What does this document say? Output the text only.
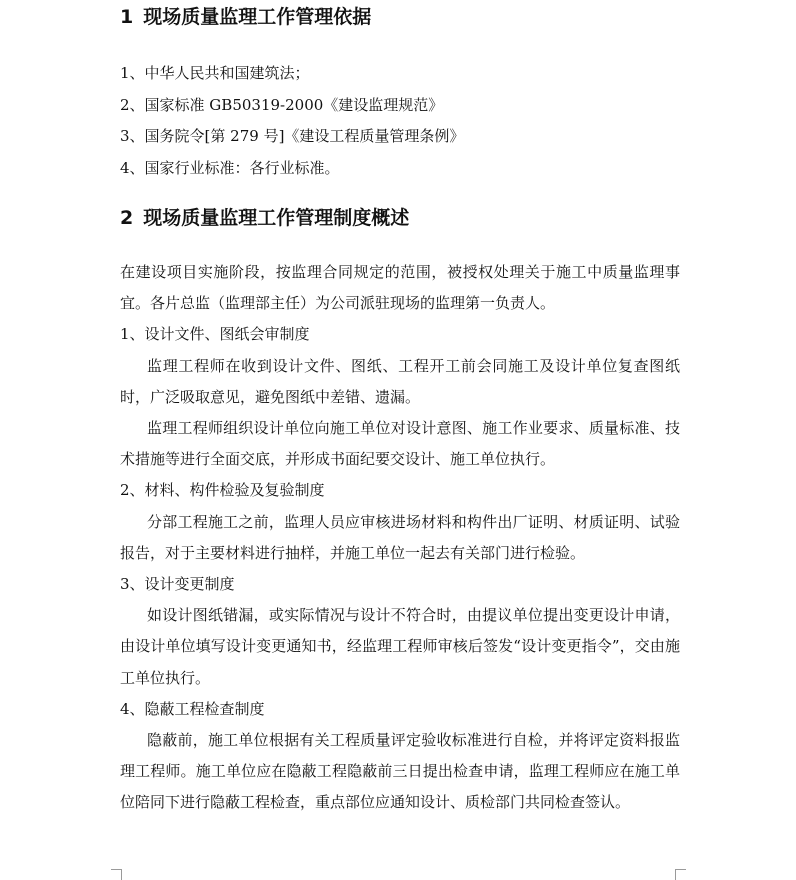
1 现场质量监理工作管理依据
1、中华人民共和国建筑法；
2、国家标准 GB50319-2000《建设监理规范》
3、国务院令[第 279 号]《建设工程质量管理条例》
4、国家行业标准：各行业标准。
2 现场质量监理工作管理制度概述

在建设项目实施阶段，按监理合同规定的范围，被授权处理关于施工中质量监理事宜。各片总监（监理部主任）为公司派驻现场的监理第一负责人。

1、设计文件、图纸会审制度

监理工程师在收到设计文件、图纸、工程开工前会同施工及设计单位复查图纸时，广泛吸取意见，避免图纸中差错、遗漏。

监理工程师组织设计单位向施工单位对设计意图、施工作业要求、质量标准、技术措施等进行全面交底，并形成书面纪要交设计、施工单位执行。

2、材料、构件检验及复验制度

分部工程施工之前，监理人员应审核进场材料和构件出厂证明、材质证明、试验报告，对于主要材料进行抽样，并施工单位一起去有关部门进行检验。

3、设计变更制度

如设计图纸错漏，或实际情况与设计不符合时，由提议单位提出变更设计申请，由设计单位填写设计变更通知书，经监理工程师审核后签发“设计变更指令”，交由施工单位执行。

4、隐蔽工程检查制度

隐蔽前，施工单位根据有关工程质量评定验收标准进行自检，并将评定资料报监理工程师。施工单位应在隐蔽工程隐蔽前三日提出检查申请，监理工程师应在施工单位陪同下进行隐蔽工程检查，重点部位应通知设计、质检部门共同检查签认。
